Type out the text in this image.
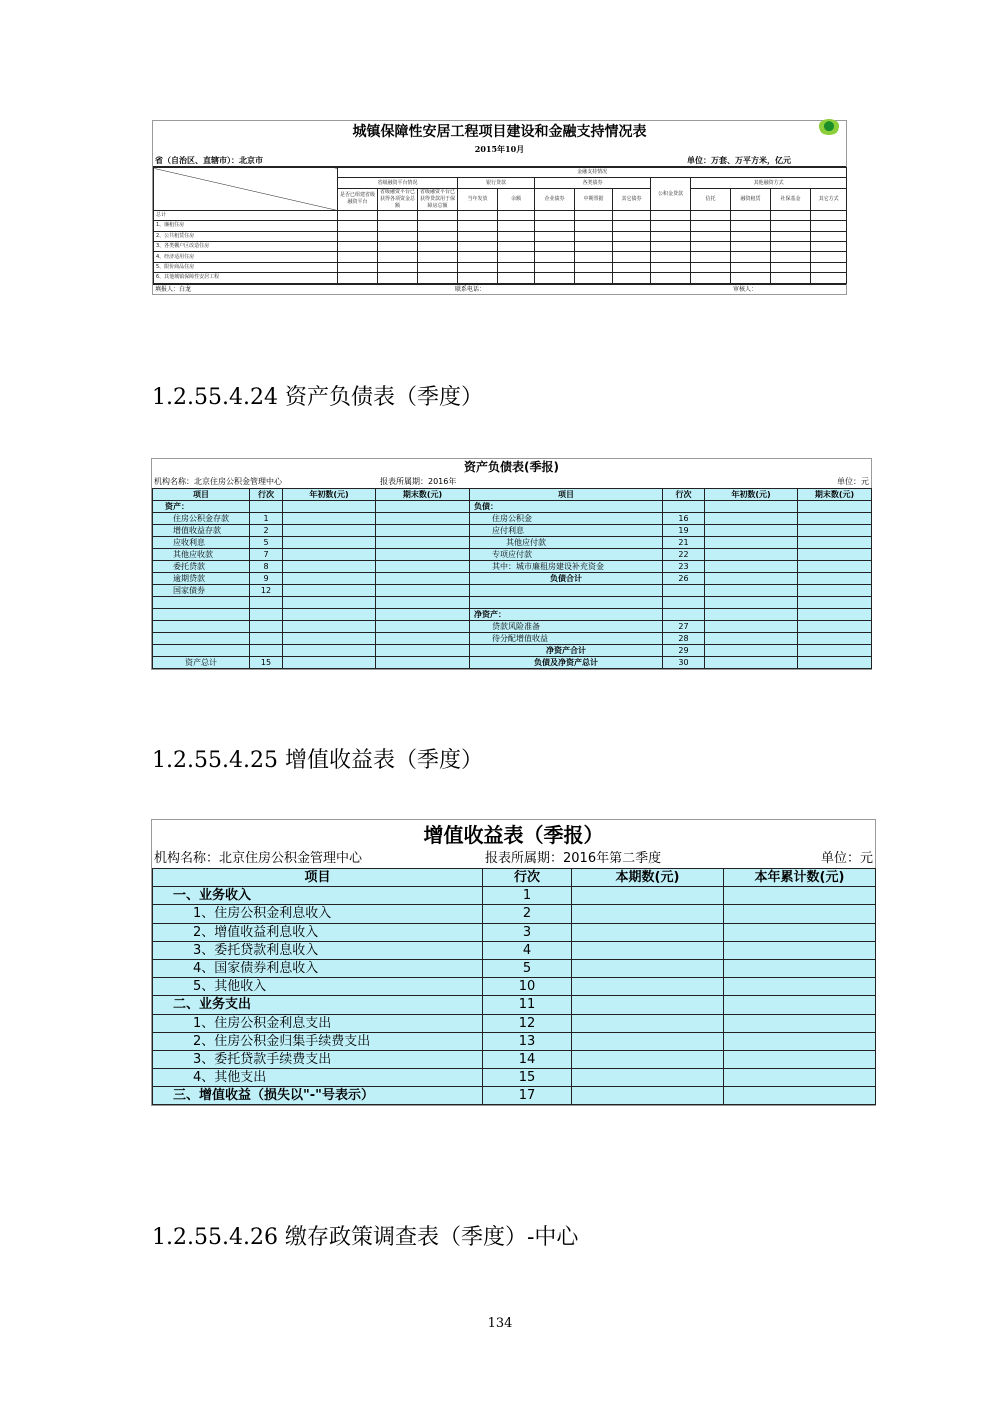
城镇保障性安居工程项目建设和金融支持情况表
2015年10月
省（自治区、直辖市）：北京市	单位：万套、万平方米，亿元
	金融支持情况												
	省级融资平台情况			银行贷款		各类债券			公积金贷款	其他融资方式			
	是否已组建省级融资平台	省级融资平台已获得各项资金总额	省级融资平台已获得贷款用于保障房总额	当年发放	余额	企业债券	中期票据	其它债券		信托	融资租赁	社保基金	其它方式

总计													
1、廉租住房													
2、公共租赁住房													
3、各类棚户区改造住房													
4、经济适用住房													
5、限价商品住房													
6、其他城镇保障性安居工程													
填报人：白龙	联系电话：	审核人：
1.2.55.4.24 资产负债表（季度）
资产负债表(季报)
机构名称：北京住房公积金管理中心	报表所属期：2016年	单位：元
项目	行次	年初数(元)	期末数(元)	项目	行次	年初数(元)	期末数(元)
资产：				负债：			
住房公积金存款	1			住房公积金	16		
增值收益存款	2			应付利息	19		
应收利息	5			其他应付款	21		
其他应收款	7			专项应付款	22		
委托贷款	8			其中：城市廉租房建设补充资金	23		
逾期贷款	9			负债合计	26		
国家债券	12						

				净资产：			
				贷款风险准备	27		
				待分配增值收益	28		
				净资产合计	29		
资产总计	15			负债及净资产总计	30		
1.2.55.4.25 增值收益表（季度）
增值收益表（季报）
机构名称：北京住房公积金管理中心	报表所属期：2016年第二季度	单位：元
项目	行次	本期数(元)	本年累计数(元)
一、业务收入	1		
1、住房公积金利息收入	2		
2、增值收益利息收入	3		
3、委托贷款利息收入	4		
4、国家债券利息收入	5		
5、其他收入	10		
二、业务支出	11		
1、住房公积金利息支出	12		
2、住房公积金归集手续费支出	13		
3、委托贷款手续费支出	14		
4、其他支出	15		
三、增值收益（损失以"-"号表示）	17		
1.2.55.4.26 缴存政策调查表（季度）-中心
134
